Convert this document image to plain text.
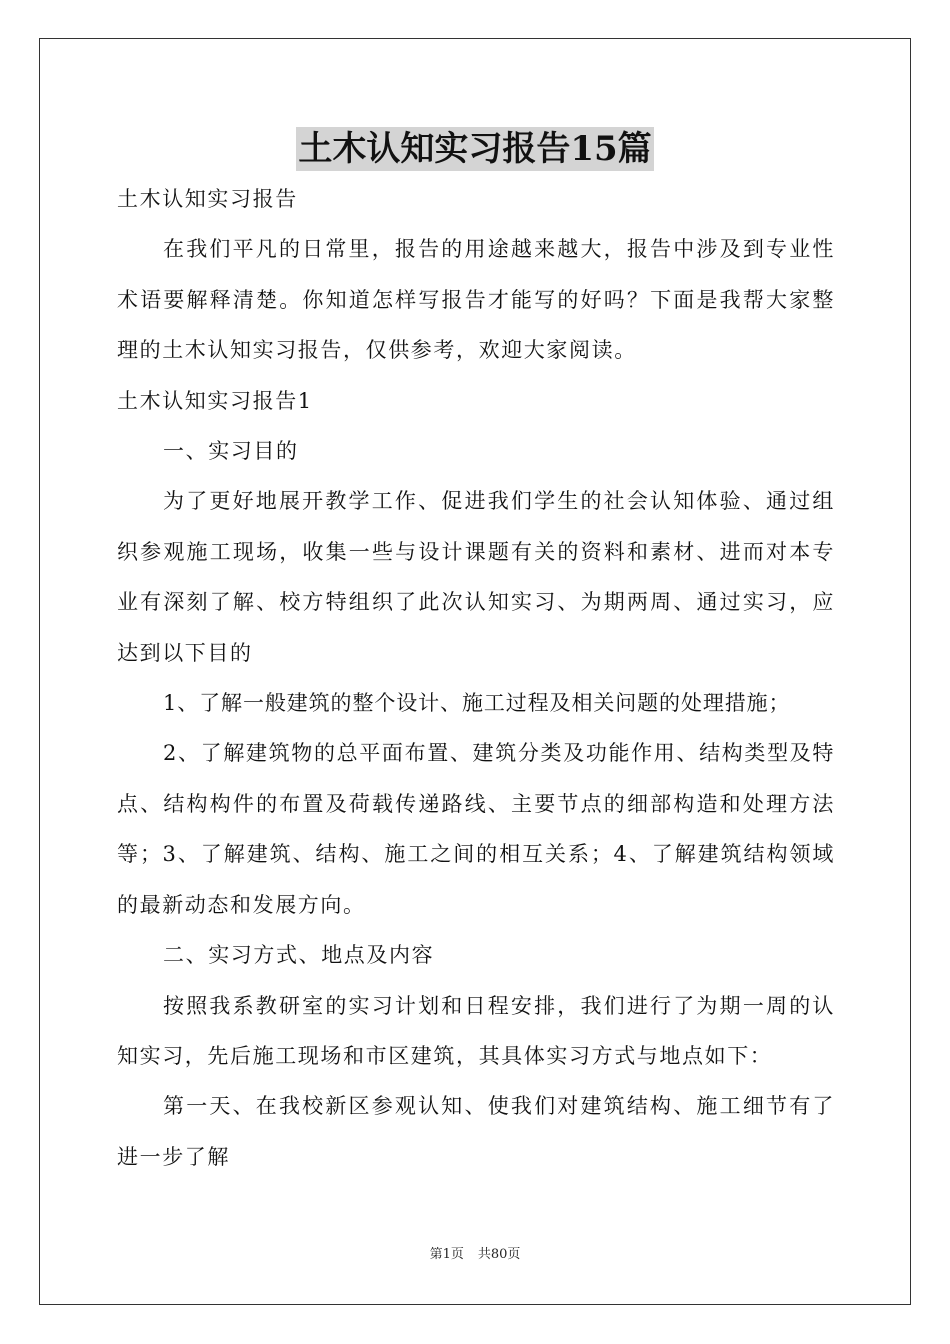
土木认知实习报告15篇

土木认知实习报告

在我们平凡的日常里，报告的用途越来越大，报告中涉及到专业性术语要解释清楚。你知道怎样写报告才能写的好吗？下面是我帮大家整理的土木认知实习报告，仅供参考，欢迎大家阅读。

土木认知实习报告1

一、实习目的

为了更好地展开教学工作、促进我们学生的社会认知体验、通过组织参观施工现场，收集一些与设计课题有关的资料和素材、进而对本专业有深刻了解、校方特组织了此次认知实习、为期两周、通过实习，应达到以下目的

1、了解一般建筑的整个设计、施工过程及相关问题的处理措施；

2、了解建筑物的总平面布置、建筑分类及功能作用、结构类型及特点、结构构件的布置及荷载传递路线、主要节点的细部构造和处理方法等；3、了解建筑、结构、施工之间的相互关系；4、了解建筑结构领域的最新动态和发展方向。

二、实习方式、地点及内容

按照我系教研室的实习计划和日程安排，我们进行了为期一周的认知实习，先后施工现场和市区建筑，其具体实习方式与地点如下：

第一天、在我校新区参观认知、使我们对建筑结构、施工细节有了进一步了解

第1页 共80页
